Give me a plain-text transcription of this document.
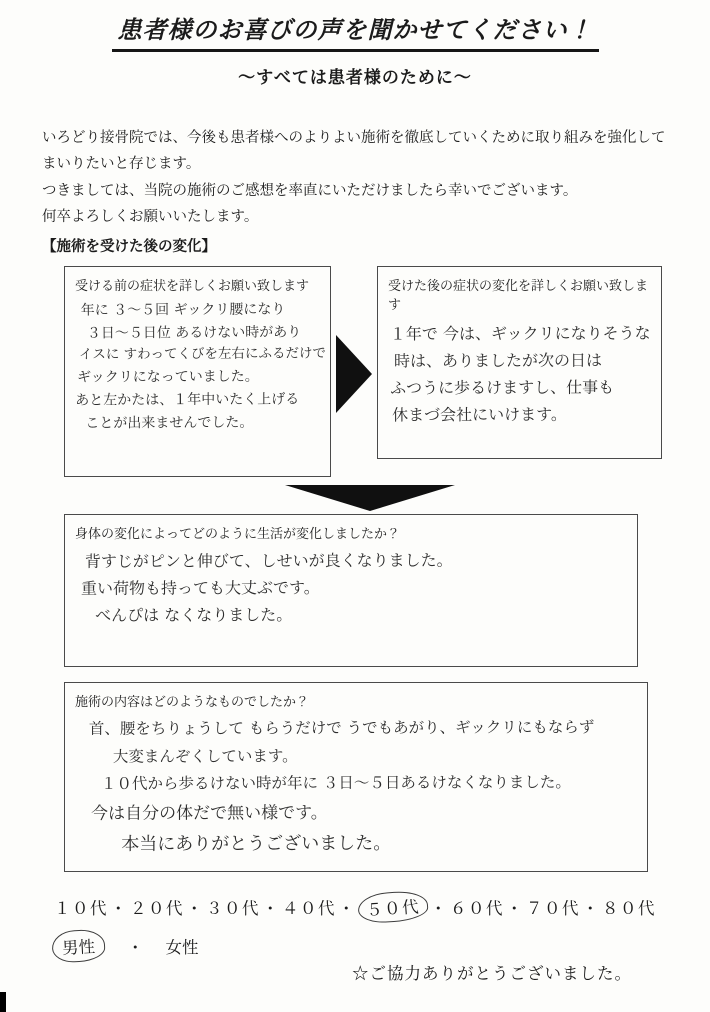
患者様のお喜びの声を聞かせてください！
～すべては患者様のために～
いろどり接骨院では、今後も患者様へのよりよい施術を徹底していくために取り組みを強化して
まいりたいと存じます。
つきましては、当院の施術のご感想を率直にいただけましたら幸いでございます。
何卒よろしくお願いいたします。
【施術を受けた後の変化】
受ける前の症状を詳しくお願い致します
年に ３～５回 ギックリ腰になり
３日～５日位 あるけない時があり
イスに すわってくびを左右にふるだけで
ギックリになっていました。
あと左かたは、１年中いたく上げる
ことが出来ませんでした。
受けた後の症状の変化を詳しくお願い致します
１年で 今は、ギックリになりそうな
時は、ありましたが次の日は
ふつうに歩るけますし、仕事も
休まづ会社にいけます。
身体の変化によってどのように生活が変化しましたか？
背すじがピンと伸びて、しせいが良くなりました。
重い荷物も持っても大丈ぶです。
べんぴは なくなりました。
施術の内容はどのようなものでしたか？
首、腰をちりょうして もらうだけで うでもあがり、ギックリにもならず
大変まんぞくしています。
１０代から歩るけない時が年に ３日～５日あるけなくなりました。
今は自分の体だで無い様です。
本当にありがとうございました。
１０代 ・ ２０代 ・ ３０代 ・ ４０代 ・ ５０代 ・ ６０代 ・ ７０代 ・ ８０代
男性 ・ 女性
☆ご協力ありがとうございました。
